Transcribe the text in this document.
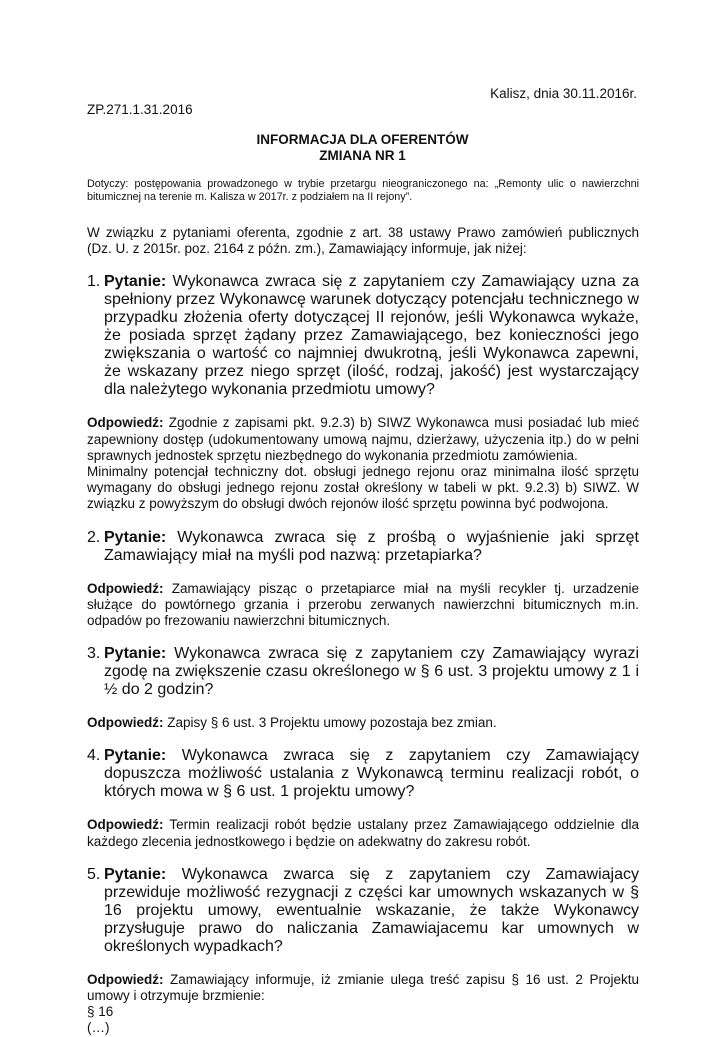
Kalisz, dnia 30.11.2016r.
ZP.271.1.31.2016
INFORMACJA DLA OFERENTÓW
ZMIANA NR 1

Dotyczy: postępowania prowadzonego w trybie przetargu nieograniczonego na: „Remonty ulic o nawierzchni bitumicznej na terenie m. Kalisza w 2017r. z podziałem na II rejony”.

W związku z pytaniami oferenta, zgodnie z art. 38 ustawy Prawo zamówień publicznych (Dz. U. z 2015r. poz. 2164 z późn. zm.), Zamawiający informuje, jak niżej:

1. Pytanie: Wykonawca zwraca się z zapytaniem czy Zamawiający uzna za spełniony przez Wykonawcę warunek dotyczący potencjału technicznego w przypadku złożenia oferty dotyczącej II rejonów, jeśli Wykonawca wykaże, że posiada sprzęt żądany przez Zamawiającego, bez konieczności jego zwiększania o wartość co najmniej dwukrotną, jeśli Wykonawca zapewni, że wskazany przez niego sprzęt (ilość, rodzaj, jakość) jest wystarczający dla należytego wykonania przedmiotu umowy?

Odpowiedź: Zgodnie z zapisami pkt. 9.2.3) b) SIWZ Wykonawca musi posiadać lub mieć zapewniony dostęp (udokumentowany umową najmu, dzierżawy, użyczenia itp.) do w pełni sprawnych jednostek sprzętu niezbędnego do wykonania przedmiotu zamówienia.

Minimalny potencjał techniczny dot. obsługi jednego rejonu oraz minimalna ilość sprzętu wymagany do obsługi jednego rejonu został określony w tabeli w pkt. 9.2.3) b) SIWZ. W związku z powyższym do obsługi dwóch rejonów ilość sprzętu powinna być podwojona.

2. Pytanie: Wykonawca zwraca się z prośbą o wyjaśnienie jaki sprzęt Zamawiający miał na myśli pod nazwą: przetapiarka?

Odpowiedź: Zamawiający pisząc o przetapiarce miał na myśli recykler tj. urzadzenie służące do powtórnego grzania i przerobu zerwanych nawierzchni bitumicznych m.in. odpadów po frezowaniu nawierzchni bitumicznych.

3. Pytanie: Wykonawca zwraca się z zapytaniem czy Zamawiający wyrazi zgodę na zwiększenie czasu określonego w § 6 ust. 3 projektu umowy z 1 i ½ do 2 godzin?

Odpowiedź: Zapisy § 6 ust. 3 Projektu umowy pozostaja bez zmian.

4. Pytanie: Wykonawca zwraca się z zapytaniem czy Zamawiający dopuszcza możliwość ustalania z Wykonawcą terminu realizacji robót, o których mowa w § 6 ust. 1 projektu umowy?

Odpowiedź: Termin realizacji robót będzie ustalany przez Zamawiającego oddzielnie dla każdego zlecenia jednostkowego i będzie on adekwatny do zakresu robót.

5. Pytanie: Wykonawca zwarca się z zapytaniem czy Zamawiajacy przewiduje możliwość rezygnacji z części kar umownych wskazanych w § 16 projektu umowy, ewentualnie wskazanie, że także Wykonawcy przysługuje prawo do naliczania Zamawiajacemu kar umownych w określonych wypadkach?

Odpowiedź: Zamawiający informuje, iż zmianie ulega treść zapisu § 16 ust. 2 Projektu umowy i otrzymuje brzmienie:

§ 16

(…)
